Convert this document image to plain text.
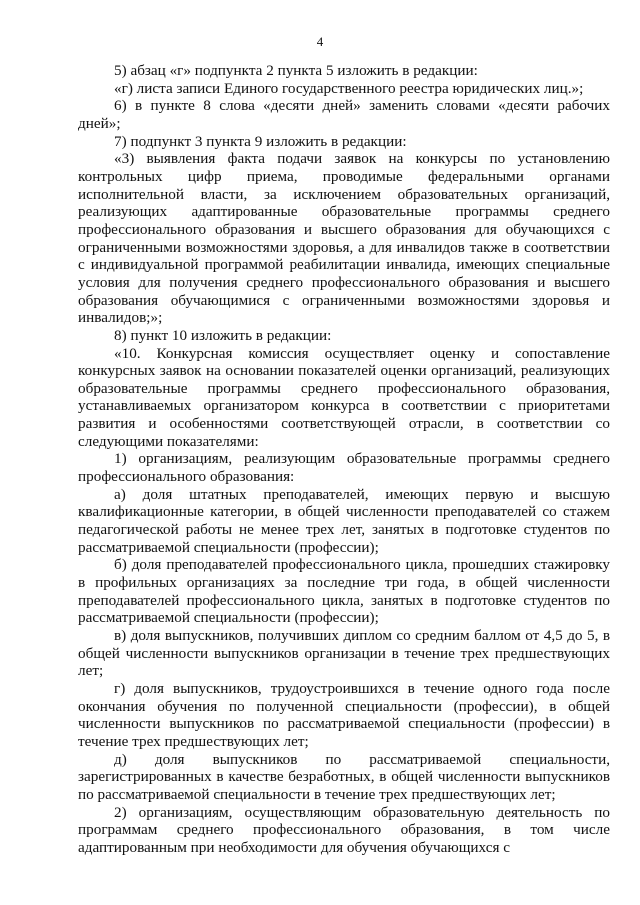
4

5) абзац «г» подпункта 2 пункта 5 изложить в редакции:

«г) листа записи Единого государственного реестра юридических лиц.»;

6) в пункте 8 слова «десяти дней» заменить словами «десяти рабочих дней»;

7) подпункт 3 пункта 9 изложить в редакции:

«3) выявления факта подачи заявок на конкурсы по установлению контрольных цифр приема, проводимые федеральными органами исполнительной власти, за исключением образовательных организаций, реализующих адаптированные образовательные программы среднего профессионального образования и высшего образования для обучающихся с ограниченными возможностями здоровья, а для инвалидов также в соответствии с индивидуальной программой реабилитации инвалида, имеющих специальные условия для получения среднего профессионального образования и высшего образования обучающимися с ограниченными возможностями здоровья и инвалидов;»;

8) пункт 10 изложить в редакции:

«10. Конкурсная комиссия осуществляет оценку и сопоставление конкурсных заявок на основании показателей оценки организаций, реализующих образовательные программы среднего профессионального образования, устанавливаемых организатором конкурса в соответствии с приоритетами развития и особенностями соответствующей отрасли, в соответствии со следующими показателями:

1) организациям, реализующим образовательные программы среднего профессионального образования:

а) доля штатных преподавателей, имеющих первую и высшую квалификационные категории, в общей численности преподавателей со стажем педагогической работы не менее трех лет, занятых в подготовке студентов по рассматриваемой специальности (профессии);

б) доля преподавателей профессионального цикла, прошедших стажировку в профильных организациях за последние три года, в общей численности преподавателей профессионального цикла, занятых в подготовке студентов по рассматриваемой специальности (профессии);

в) доля выпускников, получивших диплом со средним баллом от 4,5 до 5, в общей численности выпускников организации в течение трех предшествующих лет;

г) доля выпускников, трудоустроившихся в течение одного года после окончания обучения по полученной специальности (профессии), в общей численности выпускников по рассматриваемой специальности (профессии) в течение трех предшествующих лет;

д) доля выпускников по рассматриваемой специальности, зарегистрированных в качестве безработных, в общей численности выпускников по рассматриваемой специальности в течение трех предшествующих лет;

2) организациям, осуществляющим образовательную деятельность по программам среднего профессионального образования, в том числе адаптированным при необходимости для обучения обучающихся с
